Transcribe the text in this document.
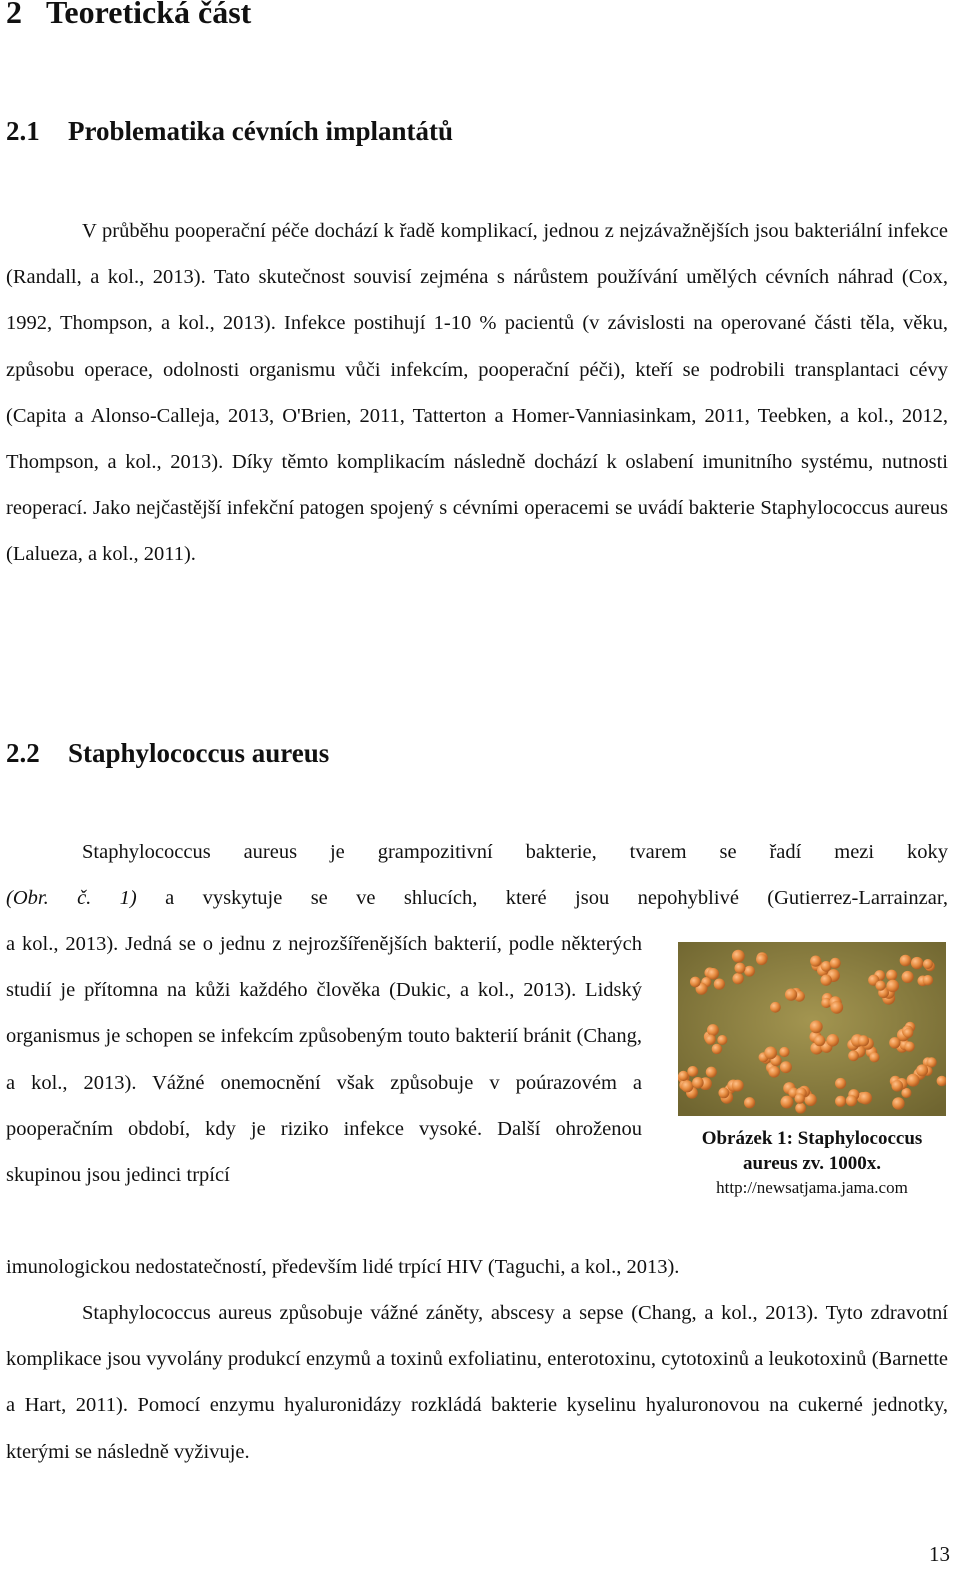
2 Teoretická část
2.1 Problematika cévních implantátů

V průběhu pooperační péče dochází k řadě komplikací, jednou z nejzávažnějších jsou bakteriální infekce (Randall, a kol., 2013). Tato skutečnost souvisí zejména s nárůstem používání umělých cévních náhrad (Cox, 1992, Thompson, a kol., 2013). Infekce postihují 1-10 % pacientů (v závislosti na operované části těla, věku, způsobu operace, odolnosti organismu vůči infekcím, pooperační péči), kteří se podrobili transplantaci cévy (Capita a Alonso-Calleja, 2013, O'Brien, 2011, Tatterton a Homer-Vanniasinkam, 2011, Teebken, a kol., 2012, Thompson, a kol., 2013). Díky těmto komplikacím následně dochází k oslabení imunitního systému, nutnosti reoperací. Jako nejčastější infekční patogen spojený s cévními operacemi se uvádí bakterie Staphylococcus aureus (Lalueza, a kol., 2011).

2.2 Staphylococcus aureus

Staphylococcus aureus je grampozitivní bakterie, tvarem se řadí mezi koky

(Obr. č. 1) a vyskytuje se ve shlucích, které jsou nepohyblivé (Gutierrez-Larrainzar,

a kol., 2013). Jedná se o jednu z nejrozšířenějších bakterií, podle některých studií je přítomna na kůži každého člověka (Dukic, a kol., 2013). Lidský organismus je schopen se infekcím způsobeným touto bakterií bránit (Chang, a kol., 2013). Vážné onemocnění však způsobuje v poúrazovém a pooperačním období, kdy je riziko infekce vysoké. Další ohroženou skupinou jsou jedinci trpící

imunologickou nedostatečností, především lidé trpící HIV (Taguchi, a kol., 2013).

Staphylococcus aureus způsobuje vážné záněty, abscesy a sepse (Chang, a kol., 2013). Tyto zdravotní komplikace jsou vyvolány produkcí enzymů a toxinů exfoliatinu, enterotoxinu, cytotoxinů a leukotoxinů (Barnette a Hart, 2011). Pomocí enzymu hyaluronidázy rozkládá bakterie kyselinu hyaluronovou na cukerné jednotky, kterými se následně vyživuje.

Obrázek 1: Staphylococcus
aureus zv. 1000x.
http://newsatjama.jama.com
13
